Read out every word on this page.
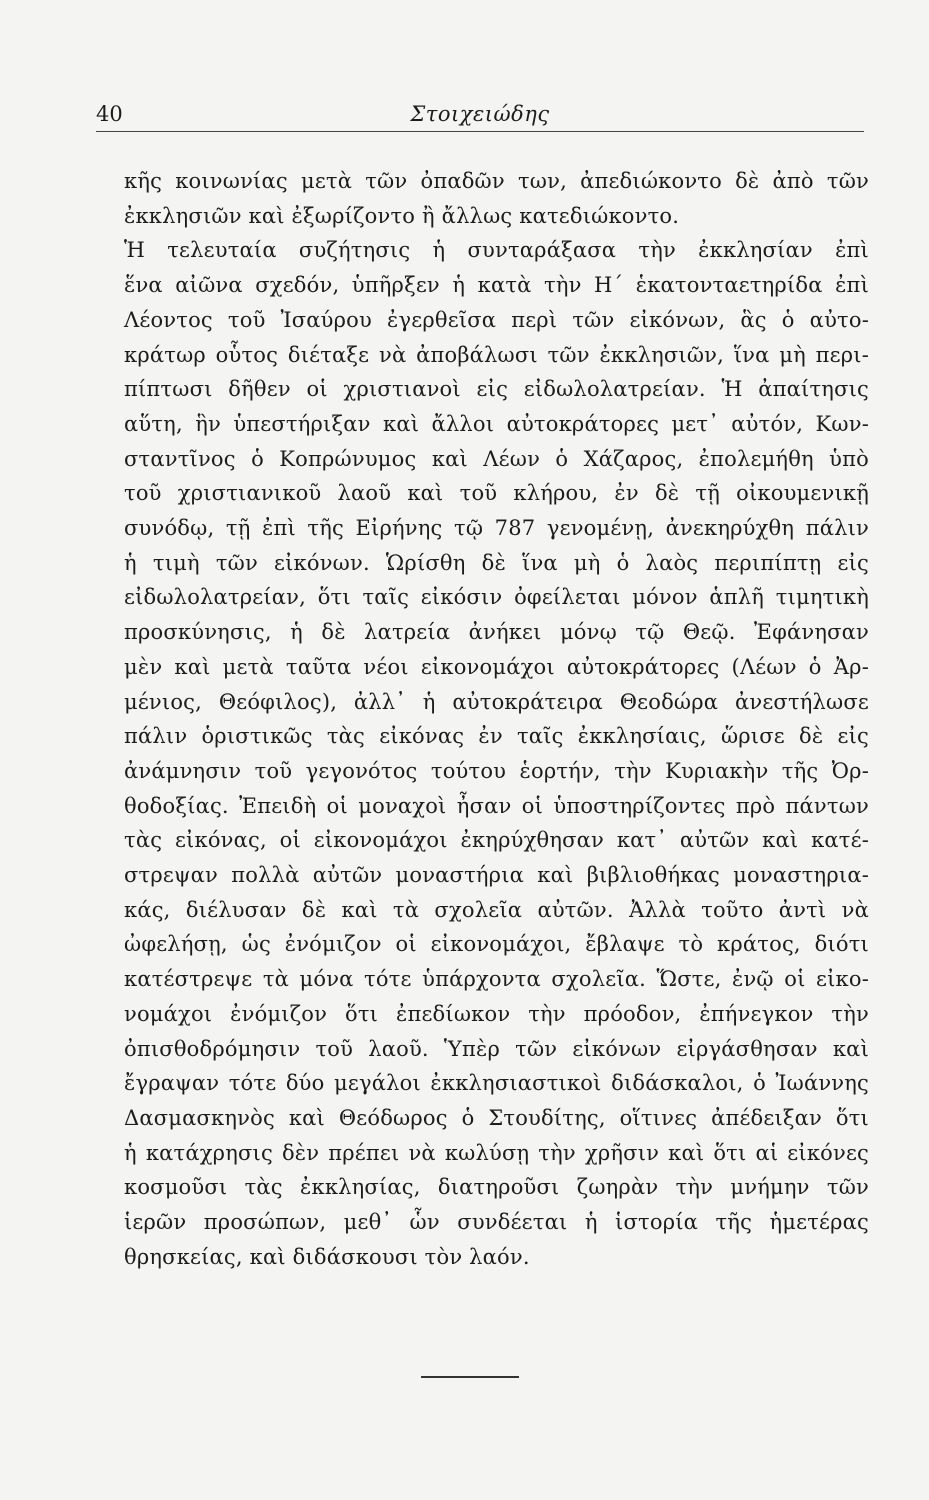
40	Στοιχειώδης
κῆς κοινωνίας μετὰ τῶν ὀπαδῶν των, ἀπεδιώκοντο δὲ ἀπὸ τῶν
ἐκκλησιῶν καὶ ἐξωρίζοντο ἢ ἄλλως κατεδιώκοντο.
Ἡ τελευταία συζήτησις ἡ συνταράξασα τὴν ἐκκλησίαν ἐπὶ
ἕνα αἰῶνα σχεδόν, ὑπῆρξεν ἡ κατὰ τὴν Η΄ ἑκατονταετηρίδα ἐπὶ
Λέοντος τοῦ Ἰσαύρου ἐγερθεῖσα περὶ τῶν εἰκόνων, ἃς ὁ αὐτο-
κράτωρ οὗτος διέταξε νὰ ἀποβάλωσι τῶν ἐκκλησιῶν, ἵνα μὴ περι-
πίπτωσι δῆθεν οἱ χριστιανοὶ εἰς εἰδωλολατρείαν. Ἡ ἀπαίτησις
αὕτη, ἣν ὑπεστήριξαν καὶ ἄλλοι αὐτοκράτορες μετ᾽ αὐτόν, Κων-
σταντῖνος ὁ Κοπρώνυμος καὶ Λέων ὁ Χάζαρος, ἐπολεμήθη ὑπὸ
τοῦ χριστιανικοῦ λαοῦ καὶ τοῦ κλήρου, ἐν δὲ τῇ οἰκουμενικῇ
συνόδῳ, τῇ ἐπὶ τῆς Εἰρήνης τῷ 787 γενομένῃ, ἀνεκηρύχθη πάλιν
ἡ τιμὴ τῶν εἰκόνων. Ὡρίσθη δὲ ἵνα μὴ ὁ λαὸς περιπίπτῃ εἰς
εἰδωλολατρείαν, ὅτι ταῖς εἰκόσιν ὀφείλεται μόνον ἁπλῆ τιμητικὴ
προσκύνησις, ἡ δὲ λατρεία ἀνήκει μόνῳ τῷ Θεῷ. Ἐφάνησαν
μὲν καὶ μετὰ ταῦτα νέοι εἰκονομάχοι αὐτοκράτορες (Λέων ὁ Ἀρ-
μένιος, Θεόφιλος), ἀλλ᾽ ἡ αὐτοκράτειρα Θεοδώρα ἀνεστήλωσε
πάλιν ὁριστικῶς τὰς εἰκόνας ἐν ταῖς ἐκκλησίαις, ὥρισε δὲ εἰς
ἀνάμνησιν τοῦ γεγονότος τούτου ἑορτήν, τὴν Κυριακὴν τῆς Ὀρ-
θοδοξίας. Ἐπειδὴ οἱ μοναχοὶ ἦσαν οἱ ὑποστηρίζοντες πρὸ πάντων
τὰς εἰκόνας, οἱ εἰκονομάχοι ἐκηρύχθησαν κατ᾽ αὐτῶν καὶ κατέ-
στρεψαν πολλὰ αὐτῶν μοναστήρια καὶ βιβλιοθήκας μοναστηρια-
κάς, διέλυσαν δὲ καὶ τὰ σχολεῖα αὐτῶν. Ἀλλὰ τοῦτο ἀντὶ νὰ
ὠφελήσῃ, ὡς ἐνόμιζον οἱ εἰκονομάχοι, ἔβλαψε τὸ κράτος, διότι
κατέστρεψε τὰ μόνα τότε ὑπάρχοντα σχολεῖα. Ὥστε, ἐνῷ οἱ εἰκο-
νομάχοι ἐνόμιζον ὅτι ἐπεδίωκον τὴν πρόοδον, ἐπήνεγκον τὴν
ὀπισθοδρόμησιν τοῦ λαοῦ. Ὑπὲρ τῶν εἰκόνων εἰργάσθησαν καὶ
ἔγραψαν τότε δύο μεγάλοι ἐκκλησιαστικοὶ διδάσκαλοι, ὁ Ἰωάννης
Δασμασκηνὸς καὶ Θεόδωρος ὁ Στουδίτης, οἵτινες ἀπέδειξαν ὅτι
ἡ κατάχρησις δὲν πρέπει νὰ κωλύσῃ τὴν χρῆσιν καὶ ὅτι αἱ εἰκόνες
κοσμοῦσι τὰς ἐκκλησίας, διατηροῦσι ζωηρὰν τὴν μνήμην τῶν
ἱερῶν προσώπων, μεθ᾽ ὧν συνδέεται ἡ ἱστορία τῆς ἡμετέρας
θρησκείας, καὶ διδάσκουσι τὸν λαόν.
